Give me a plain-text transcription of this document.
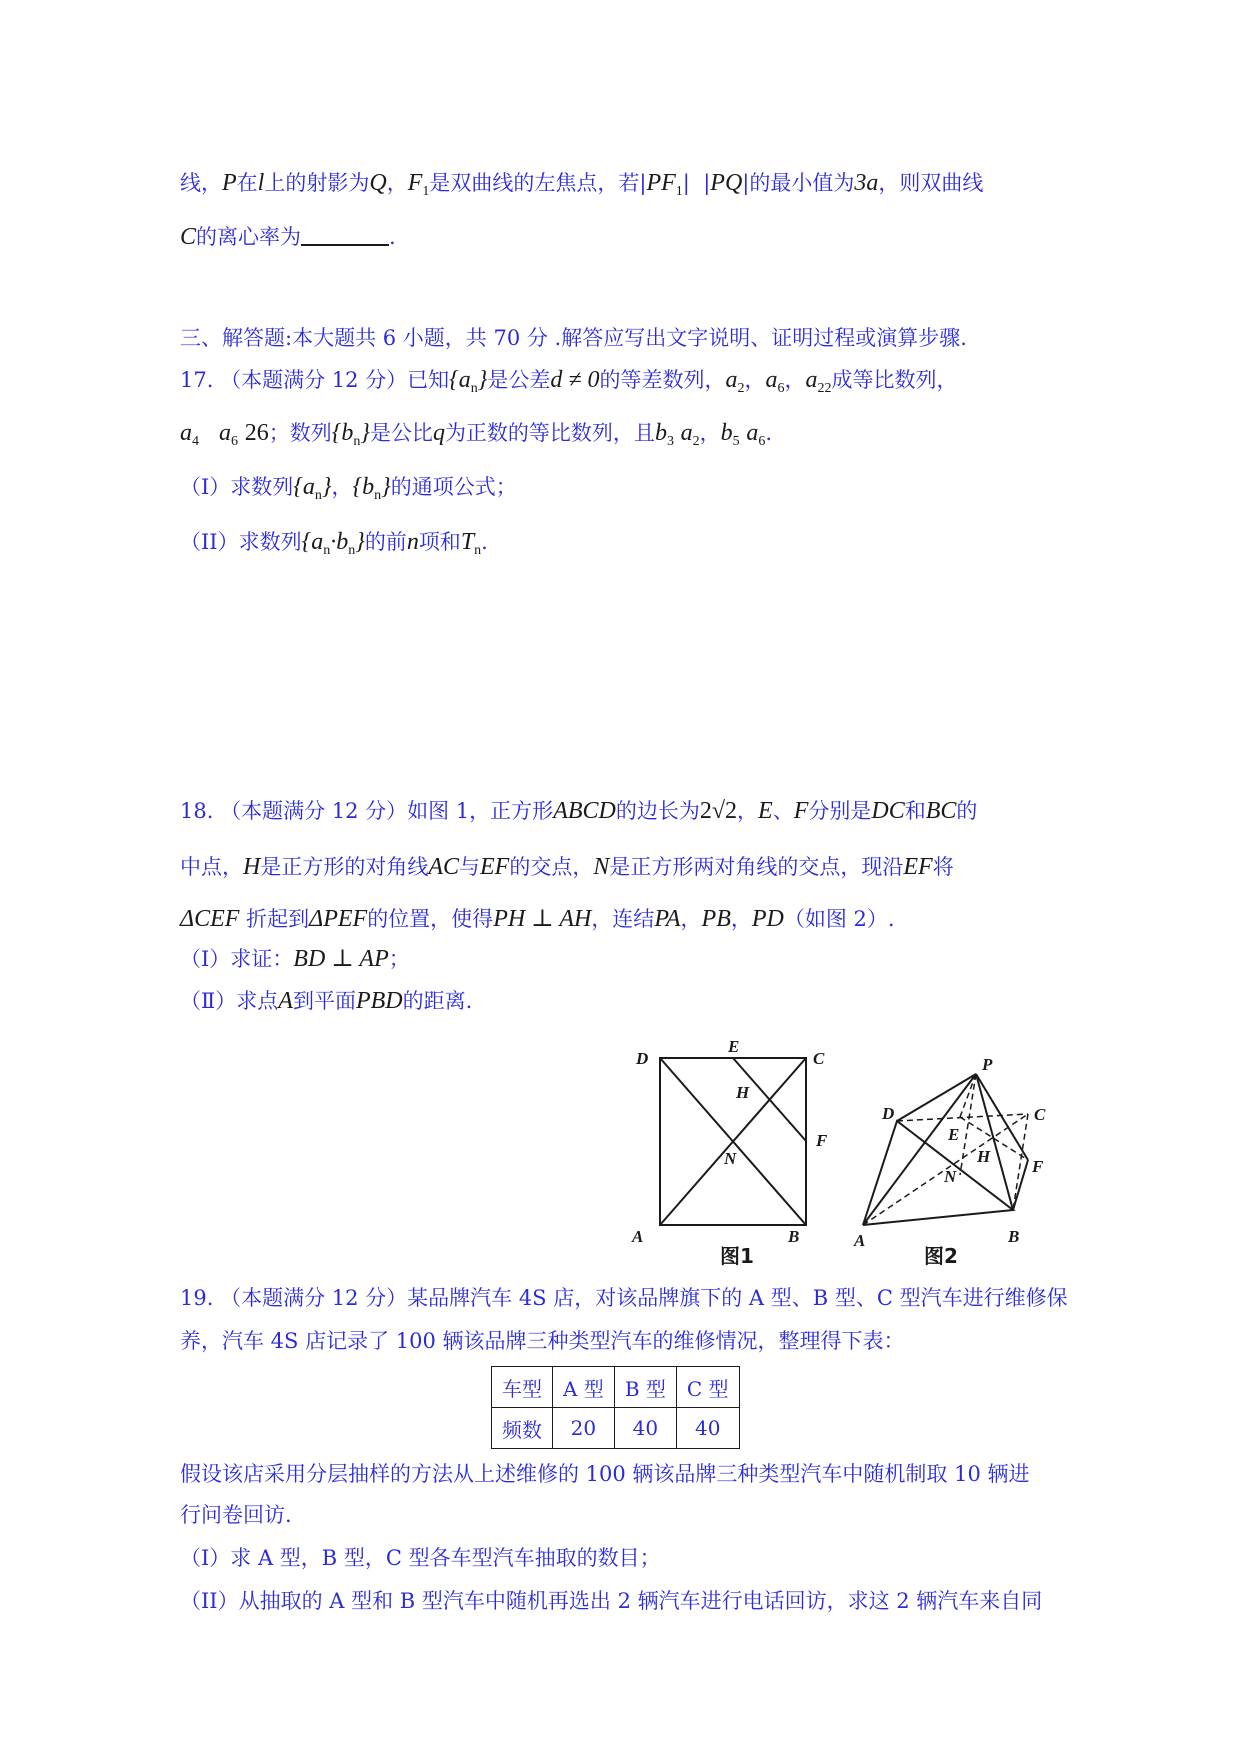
线，P在l上的射影为Q，$F_1$是双曲线的左焦点，若$|PF_1|$  |PQ|的最小值为3a，则双曲线
C的离心率为	.
三、解答题:本大题共 6 小题，共 70 分 .解答应写出文字说明、证明过程或演算步骤.
17. （本题满分 12 分）已知$\{a_n\}$是公差d ≠ 0的等差数列，$a_2$，$a_6$，$a_{22}$成等比数列，
$a_4$ $a_6$ 26；数列$\{b_n\}$是公比q为正数的等比数列，且$b_3$ $a_2$，$b_5$ $a_6$.
（I）求数列$\{a_n\}$，$\{b_n\}$的通项公式；
（II）求数列$\{a_n\cdot b_n\}$的前n项和$T_n$.
18. （本题满分 12 分）如图 1，正方形ABCD的边长为2√2，E、F分别是DC和BC的
中点，H是正方形的对角线AC与EF的交点，N是正方形两对角线的交点，现沿EF将
ΔCEF 折起到ΔPEF的位置，使得PH ⊥ AH，连结PA，PB，PD（如图 2）.
（Ⅰ）求证：BD ⊥ AP；
（Ⅱ）求点A到平面PBD的距离.
D
E
C
H
F
N
A	B
P
D	C
E
H
F
N
A	B
图1	图2
19. （本题满分 12 分）某品牌汽车 4S 店，对该品牌旗下的 A 型、B 型、C 型汽车进行维修保
养，汽车 4S 店记录了 100 辆该品牌三种类型汽车的维修情况，整理得下表：
车型	A 型	B 型	C 型
频数	20	40	40
假设该店采用分层抽样的方法从上述维修的 100 辆该品牌三种类型汽车中随机制取 10 辆进
行问卷回访.
（I）求 A 型，B 型，C 型各车型汽车抽取的数目；
（II）从抽取的 A 型和 B 型汽车中随机再选出 2 辆汽车进行电话回访，求这 2 辆汽车来自同
